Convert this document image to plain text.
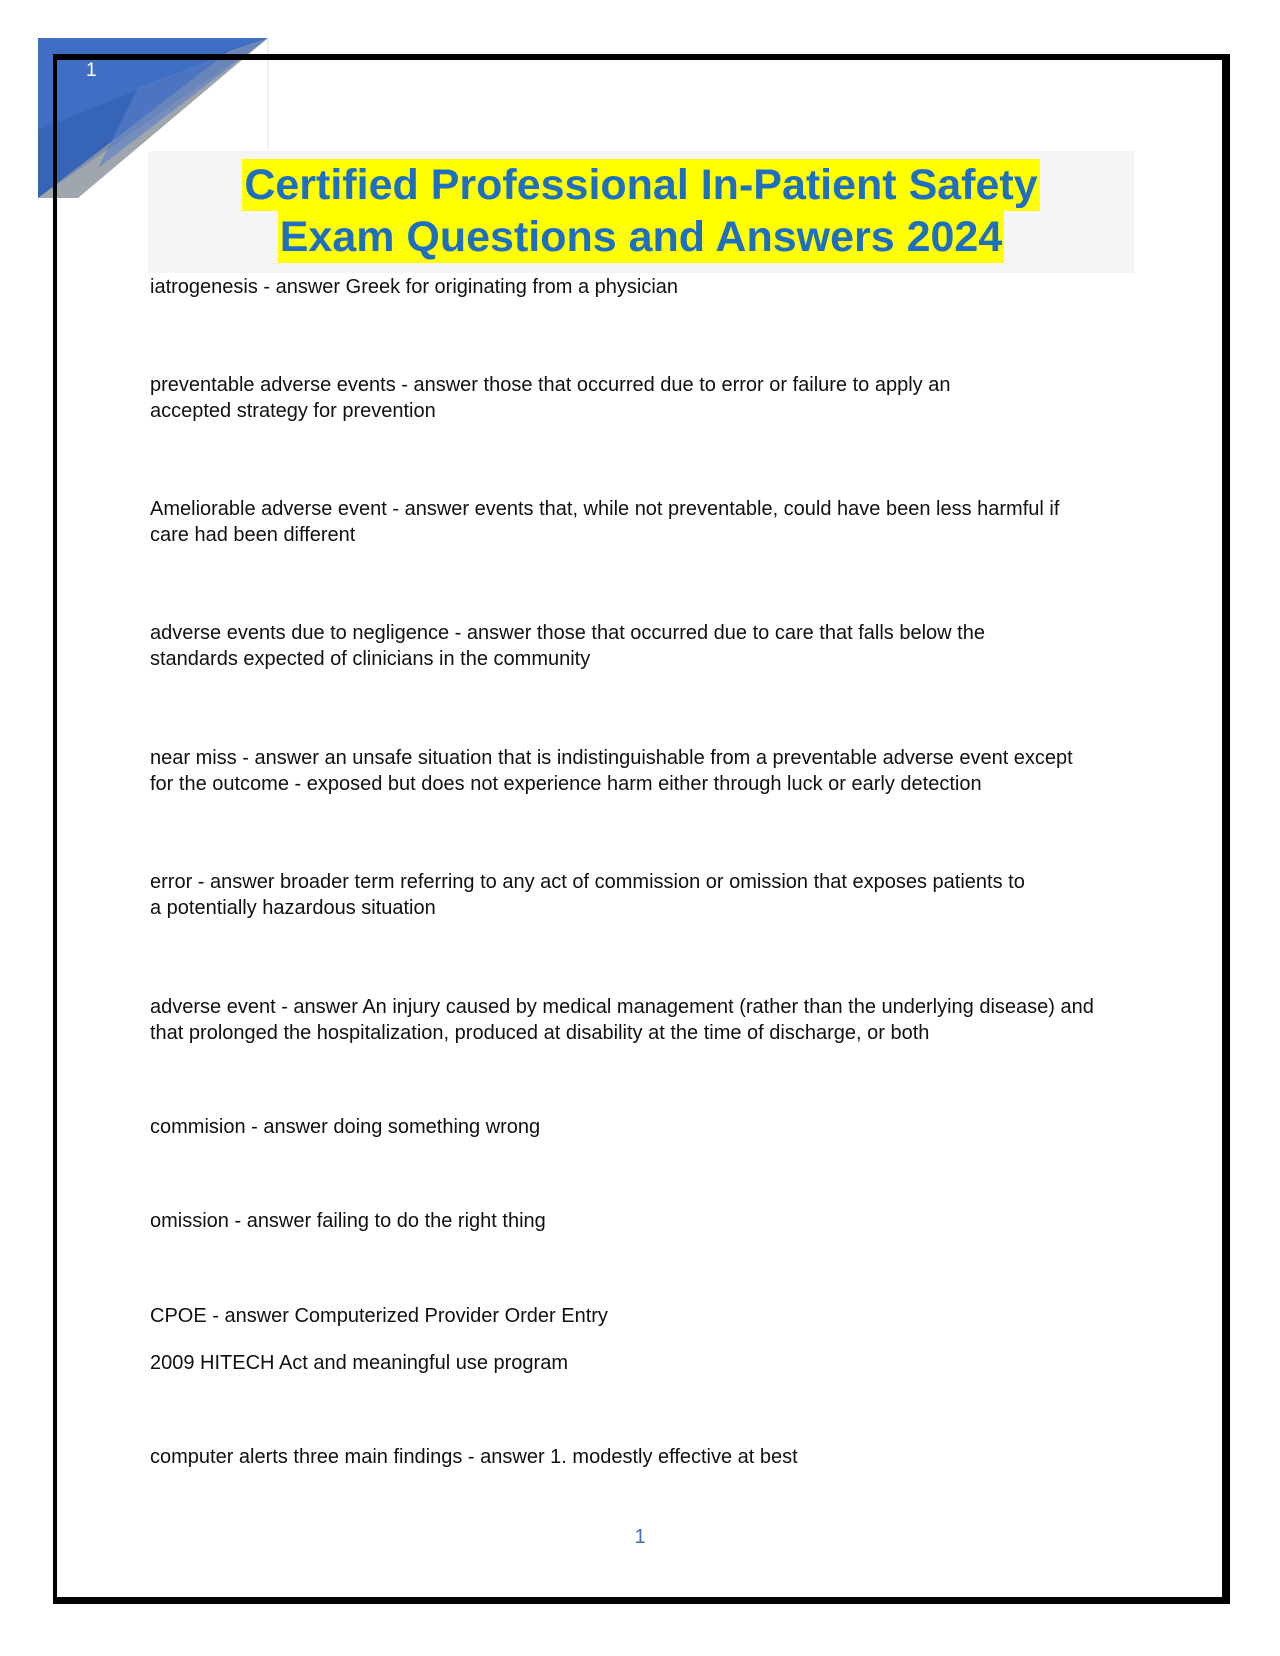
1
Certified Professional In-Patient Safety
Exam Questions and Answers 2024
iatrogenesis - answer Greek for originating from a physician
preventable adverse events - answer those that occurred due to error or failure to apply an
accepted strategy for prevention
Ameliorable adverse event - answer events that, while not preventable, could have been less harmful if
care had been different
adverse events due to negligence - answer those that occurred due to care that falls below the
standards expected of clinicians in the community
near miss - answer an unsafe situation that is indistinguishable from a preventable adverse event except
for the outcome - exposed but does not experience harm either through luck or early detection
error - answer broader term referring to any act of commission or omission that exposes patients to
a potentially hazardous situation
adverse event - answer An injury caused by medical management (rather than the underlying disease) and
that prolonged the hospitalization, produced at disability at the time of discharge, or both
commision - answer doing something wrong
omission - answer failing to do the right thing
CPOE - answer Computerized Provider Order Entry
2009 HITECH Act and meaningful use program
computer alerts three main findings - answer 1. modestly effective at best
1
